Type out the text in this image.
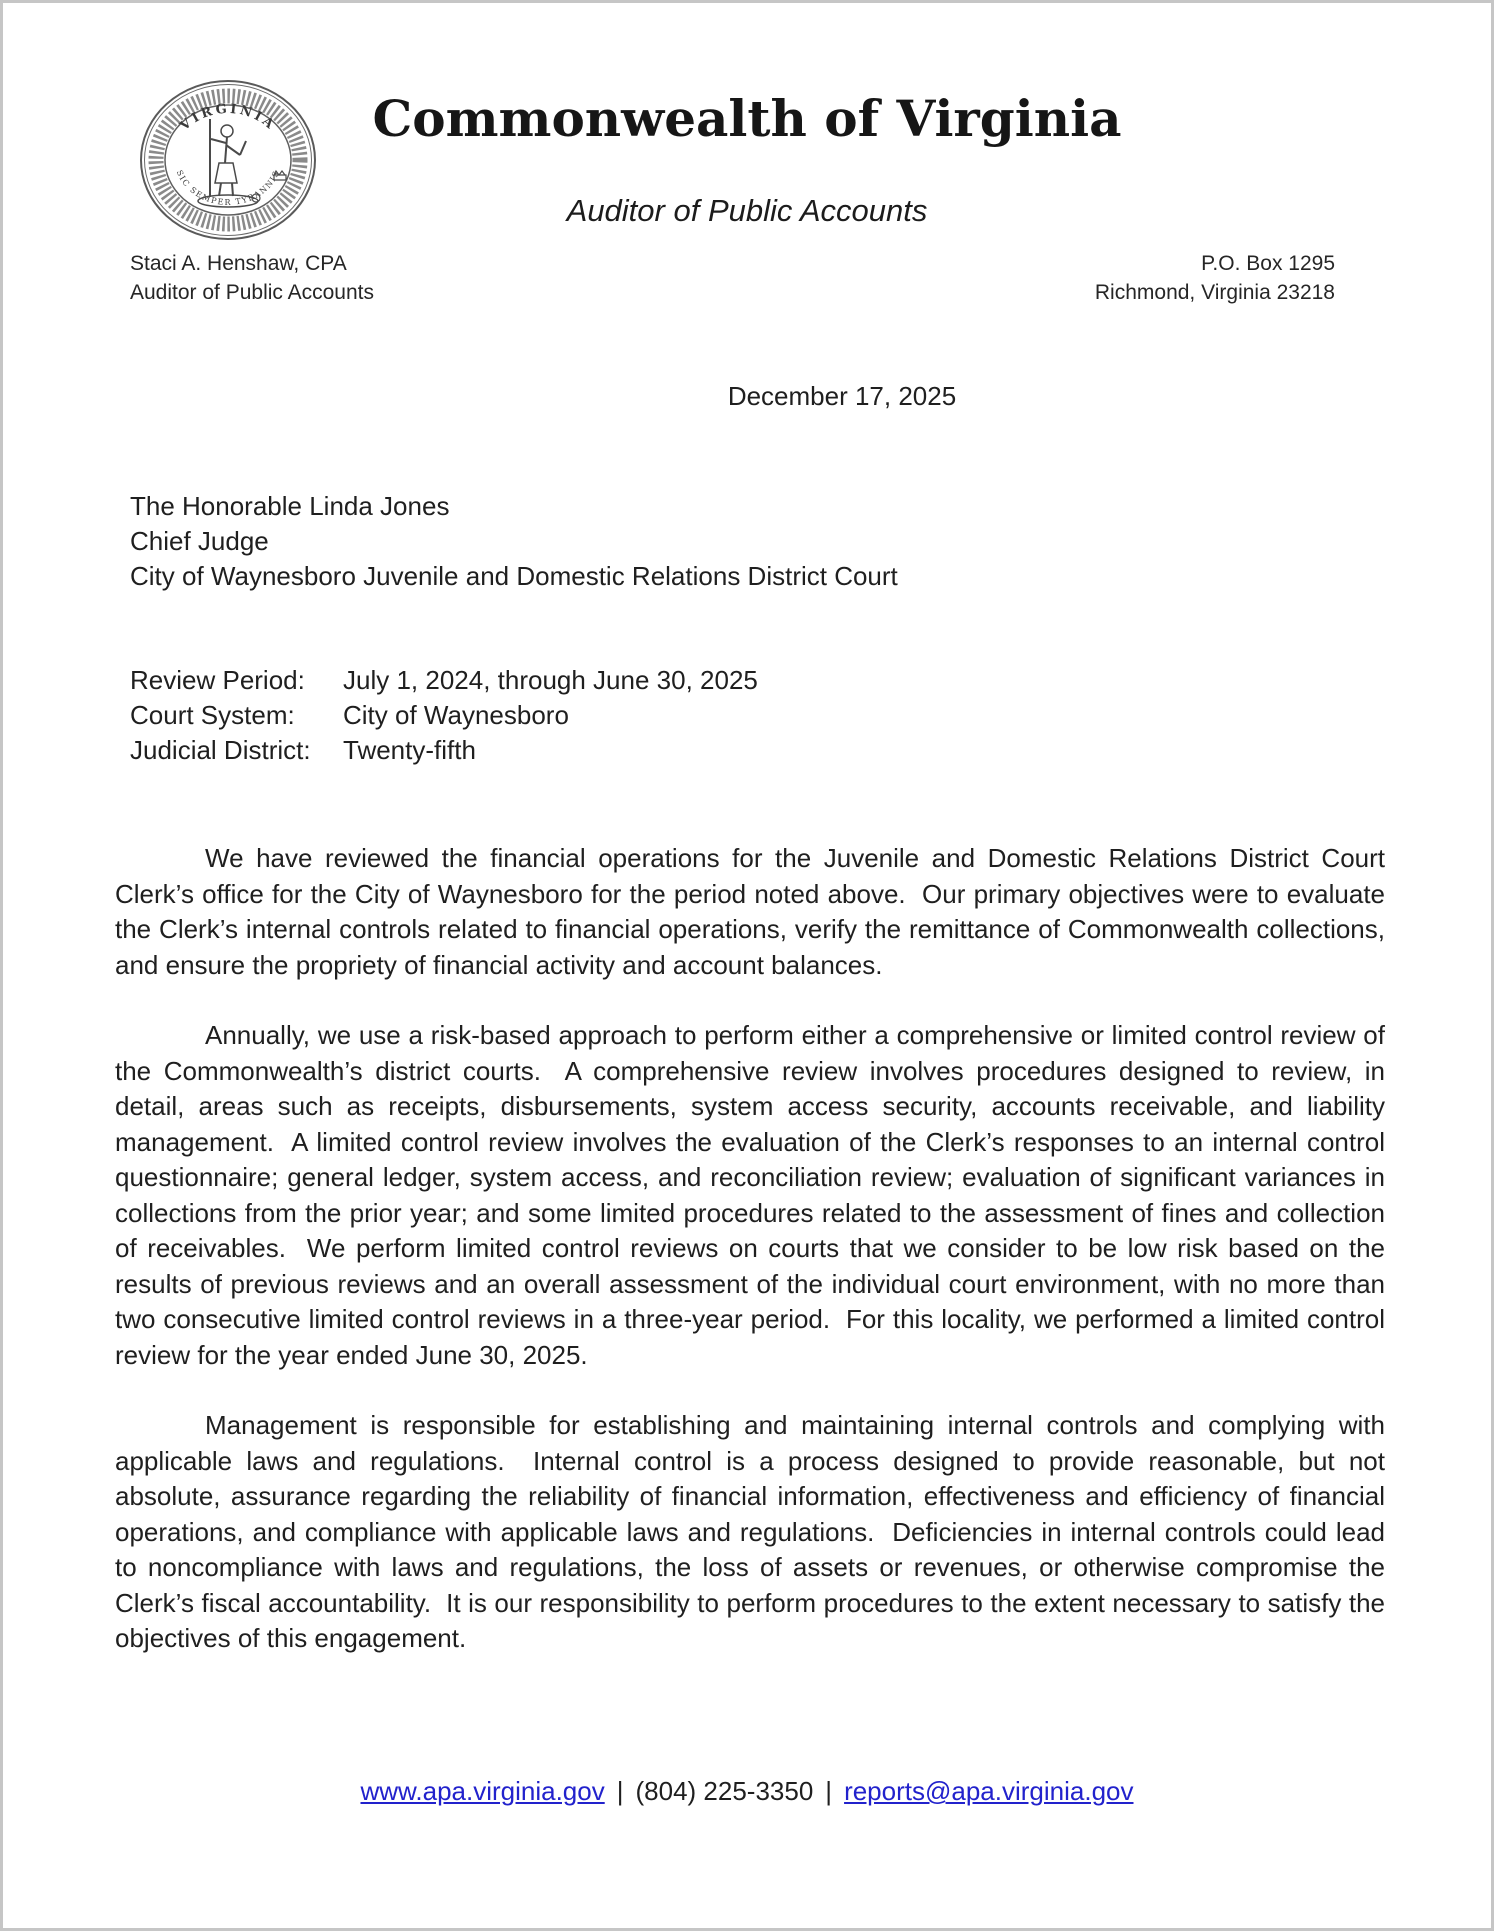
VIRGINIA
SIC SEMPER TYRANNIS
Commonwealth of Virginia
Auditor of Public Accounts
Staci A. Henshaw, CPA
Auditor of Public Accounts
P.O. Box 1295
Richmond, Virginia 23218
December 17, 2025
The Honorable Linda Jones
Chief Judge
City of Waynesboro Juvenile and Domestic Relations District Court
Review Period:	July 1, 2024, through June 30, 2025
Court System:	City of Waynesboro
Judicial District:	Twenty-fifth

We have reviewed the financial operations for the Juvenile and Domestic Relations District Court Clerk’s office for the City of Waynesboro for the period noted above.  Our primary objectives were to evaluate the Clerk’s internal controls related to financial operations, verify the remittance of Commonwealth collections, and ensure the propriety of financial activity and account balances.

Annually, we use a risk-based approach to perform either a comprehensive or limited control review of the Commonwealth’s district courts.  A comprehensive review involves procedures designed to review, in detail, areas such as receipts, disbursements, system access security, accounts receivable, and liability management.  A limited control review involves the evaluation of the Clerk’s responses to an internal control questionnaire; general ledger, system access, and reconciliation review; evaluation of significant variances in collections from the prior year; and some limited procedures related to the assessment of fines and collection of receivables.  We perform limited control reviews on courts that we consider to be low risk based on the results of previous reviews and an overall assessment of the individual court environment, with no more than two consecutive limited control reviews in a three-year period.  For this locality, we performed a limited control review for the year ended June 30, 2025.

Management is responsible for establishing and maintaining internal controls and complying with applicable laws and regulations.  Internal control is a process designed to provide reasonable, but not absolute, assurance regarding the reliability of financial information, effectiveness and efficiency of financial operations, and compliance with applicable laws and regulations.  Deficiencies in internal controls could lead to noncompliance with laws and regulations, the loss of assets or revenues, or otherwise compromise the Clerk’s fiscal accountability.  It is our responsibility to perform procedures to the extent necessary to satisfy the objectives of this engagement.

www.apa.virginia.gov | (804) 225-3350 | reports@apa.virginia.gov
